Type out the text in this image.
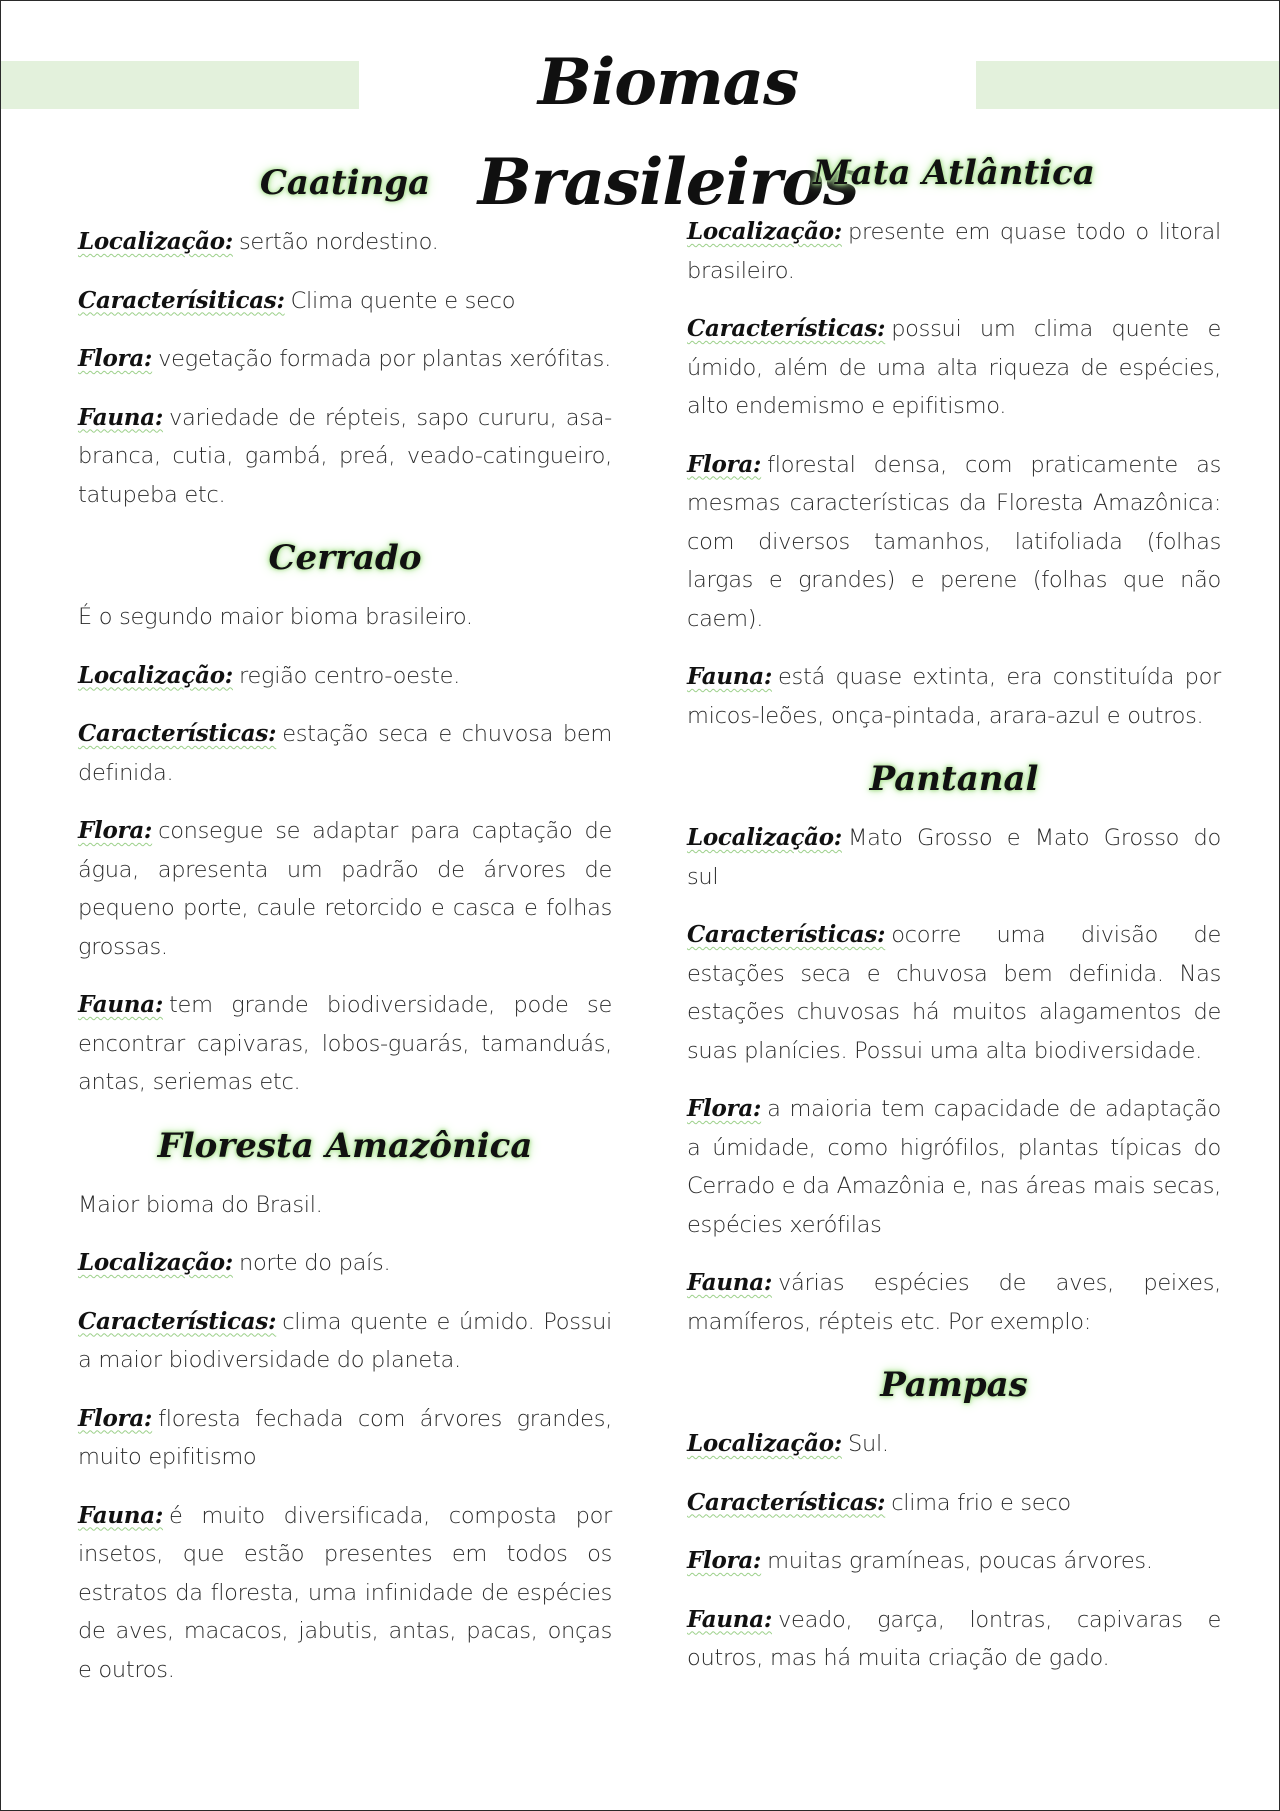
Biomas Brasileiros
Caatinga

Localização: sertão nordestino.

Caracterísiticas: Clima quente e seco

Flora: vegetação formada por plantas xerófitas.

Fauna: variedade de répteis, sapo cururu, asa-branca, cutia, gambá, preá, veado-catingueiro, tatupeba etc.

Cerrado

É o segundo maior bioma brasileiro.

Localização: região centro-oeste.

Características: estação seca e chuvosa bem definida.

Flora: consegue se adaptar para captação de água, apresenta um padrão de árvores de pequeno porte, caule retorcido e casca e folhas grossas.

Fauna: tem grande biodiversidade, pode se encontrar capivaras, lobos-guarás, tamanduás, antas, seriemas etc.

Floresta Amazônica

Maior bioma do Brasil.

Localização: norte do país.

Características: clima quente e úmido. Possui a maior biodiversidade do planeta.

Flora: floresta fechada com árvores grandes, muito epifitismo

Fauna: é muito diversificada, composta por insetos, que estão presentes em todos os estratos da floresta, uma infinidade de espécies de aves, macacos, jabutis, antas, pacas, onças e outros.

Mata Atlântica

Localização: presente em quase todo o litoral brasileiro.

Características: possui um clima quente e úmido, além de uma alta riqueza de espécies, alto endemismo e epifitismo.

Flora: florestal densa, com praticamente as mesmas características da Floresta Amazônica: com diversos tamanhos, latifoliada (folhas largas e grandes) e perene (folhas que não caem).

Fauna: está quase extinta, era constituída por micos-leões, onça-pintada, arara-azul e outros.

Pantanal

Localização: Mato Grosso e Mato Grosso do sul

Características: ocorre uma divisão de estações seca e chuvosa bem definida. Nas estações chuvosas há muitos alagamentos de suas planícies. Possui uma alta biodiversidade.

Flora: a maioria tem capacidade de adaptação a úmidade, como higrófilos, plantas típicas do Cerrado e da Amazônia e, nas áreas mais secas, espécies xerófilas

Fauna: várias espécies de aves, peixes, mamíferos, répteis etc. Por exemplo:

Pampas

Localização: Sul.

Características: clima frio e seco

Flora: muitas gramíneas, poucas árvores.

Fauna: veado, garça, lontras, capivaras e outros, mas há muita criação de gado.
